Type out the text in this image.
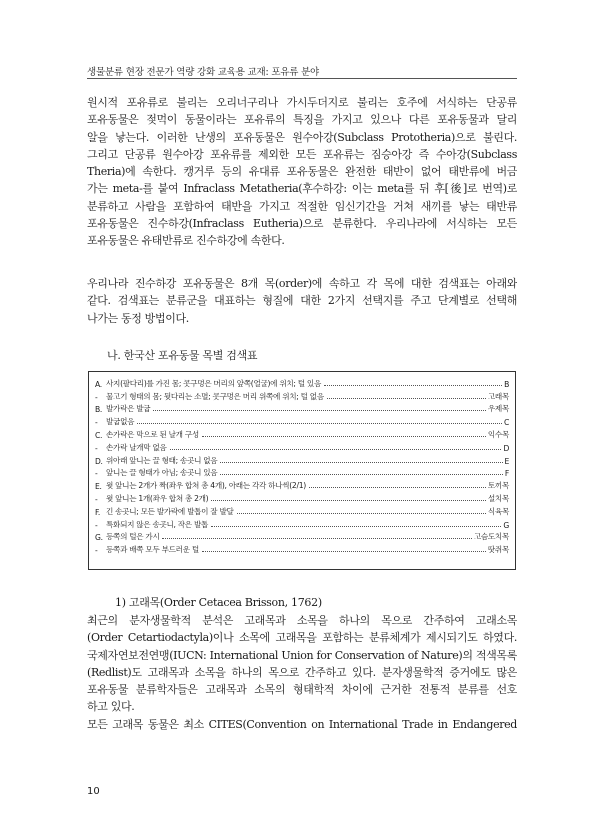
생물분류 현장 전문가 역량 강화 교육용 교재: 포유류 분야

원시적 포유류로 불리는 오리너구리나 가시두더지로 불리는 호주에 서식하는 단공류

포유동물은 젖먹이 동물이라는 포유류의 특징을 가지고 있으나 다른 포유동물과 달리

알을 낳는다. 이러한 난생의 포유동물은 원수아강(Subclass Prototheria)으로 불린다.

그리고 단공류 원수아강 포유류를 제외한 모든 포유류는 짐승아강 즉 수아강(Subclass

Theria)에 속한다. 캥거루 등의 유대류 포유동물은 완전한 태반이 없어 태반류에 버금

가는 meta-를 붙여 Infraclass Metatheria(후수하강: 이는 meta를 뒤 후[後]로 번역)로

분류하고 사람을 포함하여 태반을 가지고 적절한 임신기간을 거쳐 새끼를 낳는 태반류

포유동물은 진수하강(Infraclass Eutheria)으로 분류한다. 우리나라에 서식하는 모든

포유동물은 유태반류로 진수하강에 속한다.

우리나라 진수하강 포유동물은 8개 목(order)에 속하고 각 목에 대한 검색표는 아래와

같다. 검색표는 분류군을 대표하는 형질에 대한 2가지 선택지를 주고 단계별로 선택해

나가는 동정 방법이다.

나. 한국산 포유동물 목별 검색표
A. 사지(팔다리)를 가진 몸; 콧구멍은 머리의 앞쪽(얼굴)에 위치; 털 있음	B
-	물고기 형태의 몸; 뒷다리는 소멸; 콧구멍은 머리 위쪽에 위치; 털 없음	고래목
B. 발가락은 발굽	우제목
-	발굽없음	C
C. 손가락은 막으로 된 날개 구성	익수목
-	손가락 날개막 없음	D
D. 위아래 앞니는 끌 형태; 송곳니 없음	E
-	앞니는 끌 형태가 아님; 송곳니 있음	F
E. 윗 앞니는 2개가 짝(좌우 합쳐 총 4개), 아래는 각각 하나씩(2/1)	토끼목
-	윗 앞니는 1개(좌우 합쳐 총 2개)	설치목
F. 긴 송곳니; 모든 발가락에 발톱이 잘 발달	식육목
-	특화되지 않은 송곳니, 작은 발톱	G
G. 등쪽의 털은 가시	고슴도치목
-	등쪽과 배쪽 모두 부드러운 털	땃쥐목
1) 고래목(Order Cetacea Brisson, 1762)

최근의 분자생물학적 분석은 고래목과 소목을 하나의 목으로 간주하여 고래소목

(Order Cetartiodactyla)이나 소목에 고래목을 포함하는 분류체계가 제시되기도 하였다.

국제자연보전연맹(IUCN: International Union for Conservation of Nature)의 적색목록

(Redlist)도 고래목과 소목을 하나의 목으로 간주하고 있다. 분자생물학적 증거에도 많은

포유동물 분류학자들은 고래목과 소목의 형태학적 차이에 근거한 전통적 분류를 선호

하고 있다.

모든 고래목 동물은 최소 CITES(Convention on International Trade in Endangered

10
